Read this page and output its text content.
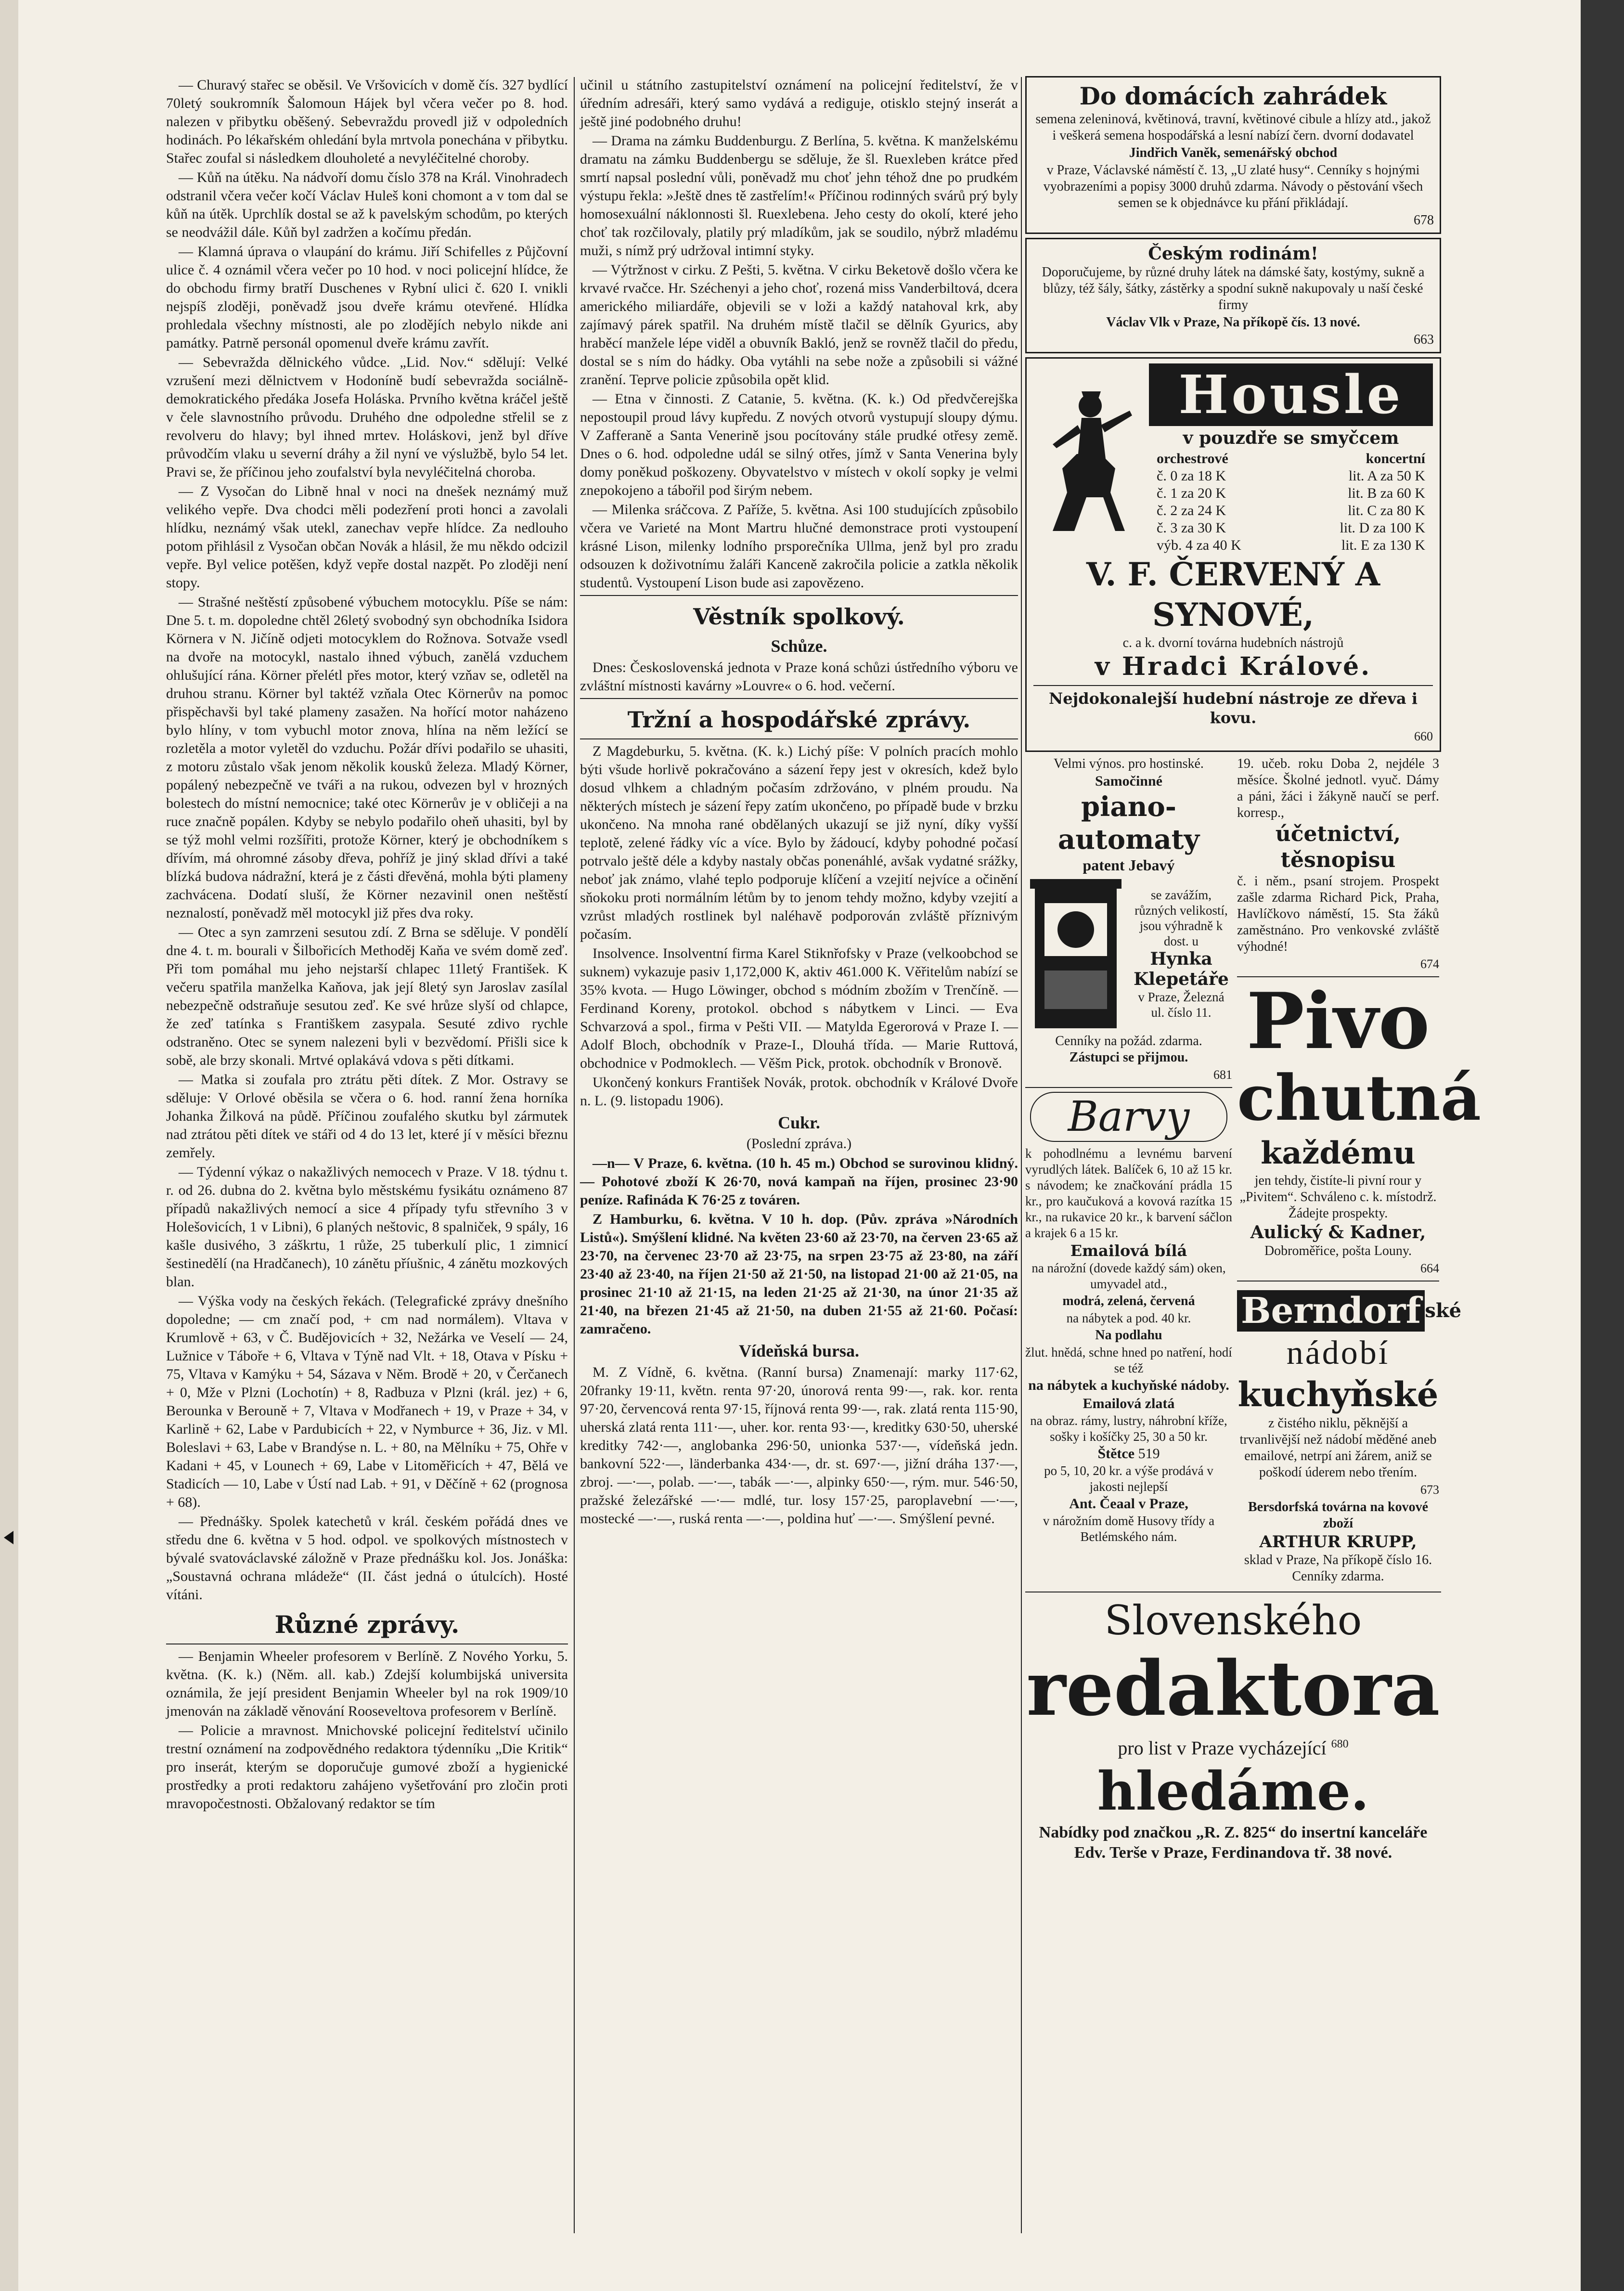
— Churavý stařec se oběsil. Ve Vršovicích v domě čís. 327 bydlící 70letý soukromník Šalomoun Hájek byl včera večer po 8. hod. nalezen v přibytku oběšený. Sebevraždu provedl již v odpoledních hodinách. Po lékařském ohledání byla mrtvola ponechána v přibytku. Stařec zoufal si následkem dlouholeté a nevyléčitelné choroby.

— Kůň na útěku. Na nádvoří domu číslo 378 na Král. Vinohradech odstranil včera večer kočí Václav Huleš koni chomont a v tom dal se kůň na útěk. Uprchlík dostal se až k pavelským schodům, po kterých se neodvážil dále. Kůň byl zadržen a kočímu předán.

— Klamná úprava o vlaupání do krámu. Jiří Schifelles z Půjčovní ulice č. 4 oznámil včera večer po 10 hod. v noci policejní hlídce, že do obchodu firmy bratří Duschenes v Rybní ulici č. 620 I. vnikli nejspíš zloději, poněvadž jsou dveře krámu otevřené. Hlídka prohledala všechny místnosti, ale po zlodějích nebylo nikde ani památky. Patrně personál opomenul dveře krámu zavřít.

— Sebevražda dělnického vůdce. „Lid. Nov.“ sdělují: Velké vzrušení mezi dělnictvem v Hodoníně budí sebevražda sociálně-demokratického předáka Josefa Holáska. Prvního května kráčel ještě v čele slavnostního průvodu. Druhého dne odpoledne střelil se z revolveru do hlavy; byl ihned mrtev. Holáskovi, jenž byl dříve průvodčím vlaku u severní dráhy a žil nyní ve výslužbě, bylo 54 let. Pravi se, že příčinou jeho zoufalství byla nevyléčitelná choroba.

— Z Vysočan do Libně hnal v noci na dnešek neznámý muž velikého vepře. Dva chodci měli podezření proti honci a zavolali hlídku, neznámý však utekl, zanechav vepře hlídce. Za nedlouho potom přihlásil z Vysočan občan Novák a hlásil, že mu někdo odcizil vepře. Byl velice potěšen, když vepře dostal nazpět. Po zloději není stopy.

— Strašné neštěstí způsobené výbuchem motocyklu. Píše se nám: Dne 5. t. m. dopoledne chtěl 26letý svobodný syn obchodníka Isidora Körnera v N. Jičíně odjeti motocyklem do Rožnova. Sotvaže vsedl na dvoře na motocykl, nastalo ihned výbuch, zanělá vzduchem ohlušující rána. Körner přelétl přes motor, který vzňav se, odletěl na druhou stranu. Körner byl taktéž vzňala Otec Körnerův na pomoc přispěchavši byl také plameny zasažen. Na hořící motor naházeno bylo hlíny, v tom vybuchl motor znova, hlína na něm ležící se rozletěla a motor vyletěl do vzduchu. Požár dřívi podařilo se uhasiti, z motoru zůstalo však jenom několik kousků železa. Mladý Körner, popálený nebezpečně ve tváři a na rukou, odvezen byl v hrozných bolestech do místní nemocnice; také otec Körnerův je v obličeji a na ruce značně popálen. Kdyby se nebylo podařilo oheň uhasiti, byl by se týž mohl velmi rozšířiti, protože Körner, který je obchodníkem s dřívím, má ohromné zásoby dřeva, pohříž je jiný sklad dřívi a také blízká budova nádražní, která je z části dřevěná, mohla býti plameny zachvácena. Dodatí sluší, že Körner nezavinil onen neštěstí neznalostí, poněvadž měl motocykl již přes dva roky.

— Otec a syn zamrzeni sesutou zdí. Z Brna se sděluje. V pondělí dne 4. t. m. bourali v Šilbořicích Methoděj Kaňa ve svém domě zeď. Při tom pomáhal mu jeho nejstarší chlapec 11letý František. K večeru spatřila manželka Kaňova, jak její 8letý syn Jaroslav zasílal nebezpečně odstraňuje sesutou zeď. Ke své hrůze slyší od chlapce, že zeď tatínka s Františkem zasypala. Sesuté zdivo rychle odstraněno. Otec se synem nalezeni byli v bezvědomí. Přišli sice k sobě, ale brzy skonali. Mrtvé oplakává vdova s pěti dítkami.

— Matka si zoufala pro ztrátu pěti dítek. Z Mor. Ostravy se sděluje: V Orlové oběsila se včera o 6. hod. ranní žena horníka Johanka Žilková na půdě. Příčinou zoufalého skutku byl zármutek nad ztrátou pěti dítek ve stáři od 4 do 13 let, které jí v měsíci březnu zemřely.

— Týdenní výkaz o nakažlivých nemocech v Praze. V 18. týdnu t. r. od 26. dubna do 2. května bylo městskému fysikátu oznámeno 87 případů nakažlivých nemocí a sice 4 případy tyfu střevního 3 v Holešovicích, 1 v Libni), 6 planých neštovic, 8 spalniček, 9 spály, 16 kašle dusivého, 3 záškrtu, 1 růže, 25 tuberkulí plic, 1 zimnicí šestinedělí (na Hradčanech), 10 zánětu příušnic, 4 zánětu mozkových blan.

— Výška vody na českých řekách. (Telegrafické zprávy dnešního dopoledne; — cm značí pod, + cm nad normálem). Vltava v Krumlově + 63, v Č. Budějovicích + 32, Nežárka ve Veselí — 24, Lužnice v Táboře + 6, Vltava v Týně nad Vlt. + 18, Otava v Písku + 75, Vltava v Kamýku + 54, Sázava v Něm. Brodě + 20, v Čerčanech + 0, Mže v Plzni (Lochotín) + 8, Radbuza v Plzni (král. jez) + 6, Berounka v Berouně + 7, Vltava v Modřanech + 19, v Praze + 34, v Karlině + 62, Labe v Pardubicích + 22, v Nymburce + 36, Jiz. v Ml. Boleslavi + 63, Labe v Brandýse n. L. + 80, na Mělníku + 75, Ohře v Kadani + 45, v Lounech + 69, Labe v Litoměřicích + 47, Bělá ve Stadicích — 10, Labe v Ústí nad Lab. + 91, v Děčíně + 62 (prognosa + 68).

— Přednášky. Spolek katechetů v král. českém pořádá dnes ve středu dne 6. května v 5 hod. odpol. ve spolkových místnostech v bývalé svatováclavské záložně v Praze přednášku kol. Jos. Jonáška: „Soustavná ochrana mládeže“ (II. část jedná o útulcích). Hosté vítáni.

Různé zprávy.

— Benjamin Wheeler profesorem v Berlíně. Z Nového Yorku, 5. května. (K. k.) (Něm. all. kab.) Zdejší kolumbijská universita oznámila, že její president Benjamin Wheeler byl na rok 1909/10 jmenován na základě věnování Rooseveltova profesorem v Berlíně.

— Policie a mravnost. Mnichovské policejní ředitelství učinilo trestní oznámení na zodpovědného redaktora týdenníku „Die Kritik“ pro inserát, kterým se doporučuje gumové zboží a hygienické prostředky a proti redaktoru zahájeno vyšetřování pro zločin proti mravopočestnosti. Obžalovaný redaktor se tím

učinil u státního zastupitelství oznámení na policejní ředitelství, že v úředním adresáři, který samo vydává a rediguje, otisklo stejný inserát a ještě jiné podobného druhu!

— Drama na zámku Buddenburgu. Z Berlína, 5. května. K manželskému dramatu na zámku Buddenbergu se sděluje, že šl. Ruexleben krátce před smrtí napsal poslední vůli, poněvadž mu choť jehn téhož dne po prudkém výstupu řekla: »Ještě dnes tě zastřelím!« Příčinou rodinných svárů prý byly homosexuální náklonnosti šl. Ruexlebena. Jeho cesty do okolí, které jeho choť tak rozčilovaly, platily prý mladíkům, jak se soudilo, nýbrž mladému muži, s nímž prý udržoval intimní styky.

— Výtržnost v cirku. Z Pešti, 5. května. V cirku Beketově došlo včera ke krvavé rvačce. Hr. Széchenyi a jeho choť, rozená miss Vanderbiltová, dcera amerického miliardáře, objevili se v loži a každý natahoval krk, aby zajímavý párek spatřil. Na druhém místě tlačil se dělník Gyurics, aby hraběcí manžele lépe viděl a obuvník Bakló, jenž se rovněž tlačil do předu, dostal se s ním do hádky. Oba vytáhli na sebe nože a způsobili si vážné zranění. Teprve policie způsobila opět klid.

— Etna v činnosti. Z Catanie, 5. května. (K. k.) Od předvčerejška nepostoupil proud lávy kupředu. Z nových otvorů vystupují sloupy dýmu. V Zafferaně a Santa Venerině jsou pocítovány stále prudké otřesy země. Dnes o 6. hod. odpoledne udál se silný otřes, jímž v Santa Venerina byly domy poněkud poškozeny. Obyvatelstvo v místech v okolí sopky je velmi znepokojeno a tábořil pod širým nebem.

— Milenka sráčcova. Z Paříže, 5. května. Asi 100 studujících způsobilo včera ve Varieté na Mont Martru hlučné demonstrace proti vystoupení krásné Lison, milenky lodního prsporečníka Ullma, jenž byl pro zradu odsouzen k doživotnímu žaláři Kanceně zakročila policie a zatkla několik studentů. Vystoupení Lison bude asi zapovězeno.

Věstník spolkový.
Schůze.

Dnes: Československá jednota v Praze koná schůzi ústředního výboru ve zvláštní místnosti kavárny »Louvre« o 6. hod. večerní.

Tržní a hospodářské zprávy.

Z Magdeburku, 5. května. (K. k.) Lichý píše: V polních pracích mohlo býti všude horlivě pokračováno a sázení řepy jest v okresích, kdež bylo dosud vlhkem a chladným počasím zdržováno, v plném proudu. Na některých místech je sázení řepy zatím ukončeno, po případě bude v brzku ukončeno. Na mnoha rané obdělaných ukazují se již nyní, díky vyšší teplotě, zelené řádky víc a více. Bylo by žádoucí, kdyby pohodné počasí potrvalo ještě déle a kdyby nastaly občas ponenáhlé, avšak vydatné srážky, neboť jak známo, vlahé teplo podporuje klíčení a vzejití nejvíce a očinění sňokoku proti normálním létům by to jenom tehdy možno, kdyby vzejití a vzrůst mladých rostlinek byl naléhavě podporován zvláště příznivým počasím.

Insolvence. Insolventní firma Karel Stiknřofsky v Praze (velkoobchod se suknem) vykazuje pasiv 1,172,000 K, aktiv 461.000 K. Věřitelům nabízí se 35% kvota. — Hugo Löwinger, obchod s módním zbožím v Trenčíně. — Ferdinand Koreny, protokol. obchod s nábytkem v Linci. — Eva Schvarzová a spol., firma v Pešti VII. — Matylda Egerorová v Praze I. — Adolf Bloch, obchodník v Praze-I., Dlouhá třída. — Marie Ruttová, obchodnice v Podmoklech. — Věšm Pick, protok. obchodník v Bronově.

Ukončený konkurs František Novák, protok. obchodník v Králové Dvoře n. L. (9. listopadu 1906).

Cukr.
(Poslední zpráva.)

—n— V Praze, 6. května. (10 h. 45 m.) Obchod se surovinou klidný. — Pohotové zboží K 26·70, nová kampaň na říjen, prosinec 23·90 peníze. Rafináda K 76·25 z továren.

Z Hamburku, 6. května. V 10 h. dop. (Pův. zpráva »Národních Listů«). Smýšlení klidné. Na květen 23·60 až 23·70, na červen 23·65 až 23·70, na červenec 23·70 až 23·75, na srpen 23·75 až 23·80, na září 23·40 až 23·40, na říjen 21·50 až 21·50, na listopad 21·00 až 21·05, na prosinec 21·10 až 21·15, na leden 21·25 až 21·30, na únor 21·35 až 21·40, na březen 21·45 až 21·50, na duben 21·55 až 21·60. Počasí: zamračeno.

Vídeňská bursa.

M. Z Vídně, 6. května. (Ranní bursa) Znamenají: marky 117·62, 20franky 19·11, květn. renta 97·20, únorová renta 99·—, rak. kor. renta 97·20, červencová renta 97·15, říjnová renta 99·—, rak. zlatá renta 115·90, uherská zlatá renta 111·—, uher. kor. renta 93·—, kreditky 630·50, uherské kreditky 742·—, anglobanka 296·50, unionka 537·—, vídeňská jedn. bankovní 522·—, länderbanka 434·—, dr. st. 697·—, jižní dráha 137·—, zbroj. —·—, polab. —·—, tabák —·—, alpinky 650·—, rým. mur. 546·50, pražské železářské —·— mdlé, tur. losy 157·25, paroplavební —·—, mostecké —·—, ruská renta —·—, poldina huť —·—. Smýšlení pevné.

Do domácích zahrádek

semena zeleninová, květinová, travní, květinové cibule a hlízy atd., jakož i veškerá semena hospodářská a lesní nabízí čern. dvorní dodavatel

Jindřich Vaněk, semenářský obchod

v Praze, Václavské náměstí č. 13, „U zlaté husy“. Cenníky s hojnými vyobrazeními a popisy 3000 druhů zdarma. Návody o pěstování všech semen se k objednávce ku přání přikládají.

678
Českým rodinám!

Doporučujeme, by různé druhy látek na dámské šaty, kostýmy, sukně a blůzy, též šály, šátky, zástěrky a spodní sukně nakupovaly u naší české firmy

Václav Vlk v Praze, Na příkopě čís. 13 nové.

663
Housle
v pouzdře se smyčcem
orchestrové	koncertní
č. 0 za 18 K	lit. A za 50 K
č. 1 za 20 K	lit. B za 60 K
č. 2 za 24 K	lit. C za 80 K
č. 3 za 30 K	lit. D za 100 K
výb. 4 za 40 K	lit. E za 130 K
V. F. ČERVENÝ A SYNOVÉ,
c. a k. dvorní továrna hudebních nástrojů
v Hradci Králové.
Nejdokonalejší hudební nástroje ze dřeva i kovu.
660
Velmi výnos. pro hostinské.
Samočinné
piano-automaty
patent Jebavý
se zavážím, různých velikostí, jsou výhradně k dost. u
Hynka Klepetáře
v Praze, Železná ul. číslo 11.
Cenníky na požád. zdarma.
Zástupci se přijmou.
681
Barvy
k pohodlnému a levnému barvení vyrudlých látek. Balíček 6, 10 až 15 kr. s návodem; ke značkování prádla 15 kr., pro kaučuková a kovová razítka 15 kr., na rukavice 20 kr., k barvení sáčlon a krajek 6 a 15 kr.
Emailová bílá
na nárožní (dovede každý sám) oken, umyvadel atd.,
modrá, zelená, červená
na nábytek a pod. 40 kr.
Na podlahu
žlut. hnědá, schne hned po natření, hodí se též
na nábytek a kuchyňské nádoby.
Emailová zlatá
na obraz. rámy, lustry, náhrobní kříže, sošky i košíčky 25, 30 a 50 kr.
Štětce 519
po 5, 10, 20 kr. a výše prodává v jakosti nejlepší
Ant. Čeaal v Praze,
v nárožním domě Husovy třídy a Betlémského nám.
19. učeb. roku Doba 2, nejdéle 3 měsíce. Školné jednotl. vyuč. Dámy a páni, žáci i žákyně naučí se perf. korresp.,
účetnictví, těsnopisu
č. i něm., psaní strojem. Prospekt zašle zdarma Richard Pick, Praha, Havlíčkovo náměstí, 15. Sta žáků zaměstnáno. Pro venkovské zvláště výhodné!
674
Pivo
chutná
každému
jen tehdy, čistíte-li pivní rour y „Pivitem“. Schváleno c. k. místodrž. Žádejte prospekty.
Aulický & Kadner,
Dobroměřice, pošta Louny.
664
Berndorf $^{ské}$
nádobí
kuchyňské
z čistého niklu, pěknější a trvanlivější než nádobí měděné aneb emailové, netrpí ani žárem, aniž se poškodí úderem nebo třením.
673
Bersdorfská továrna na kovové zboží
ARTHUR KRUPP,
sklad v Praze, Na příkopě číslo 16.
Cenníky zdarma.
Slovenského
redaktora
pro list v Praze vycházející $^{680}$
hledáme.
Nabídky pod značkou „R. Z. 825“ do insertní kanceláře Edv. Terše v Praze, Ferdinandova tř. 38 nové.
